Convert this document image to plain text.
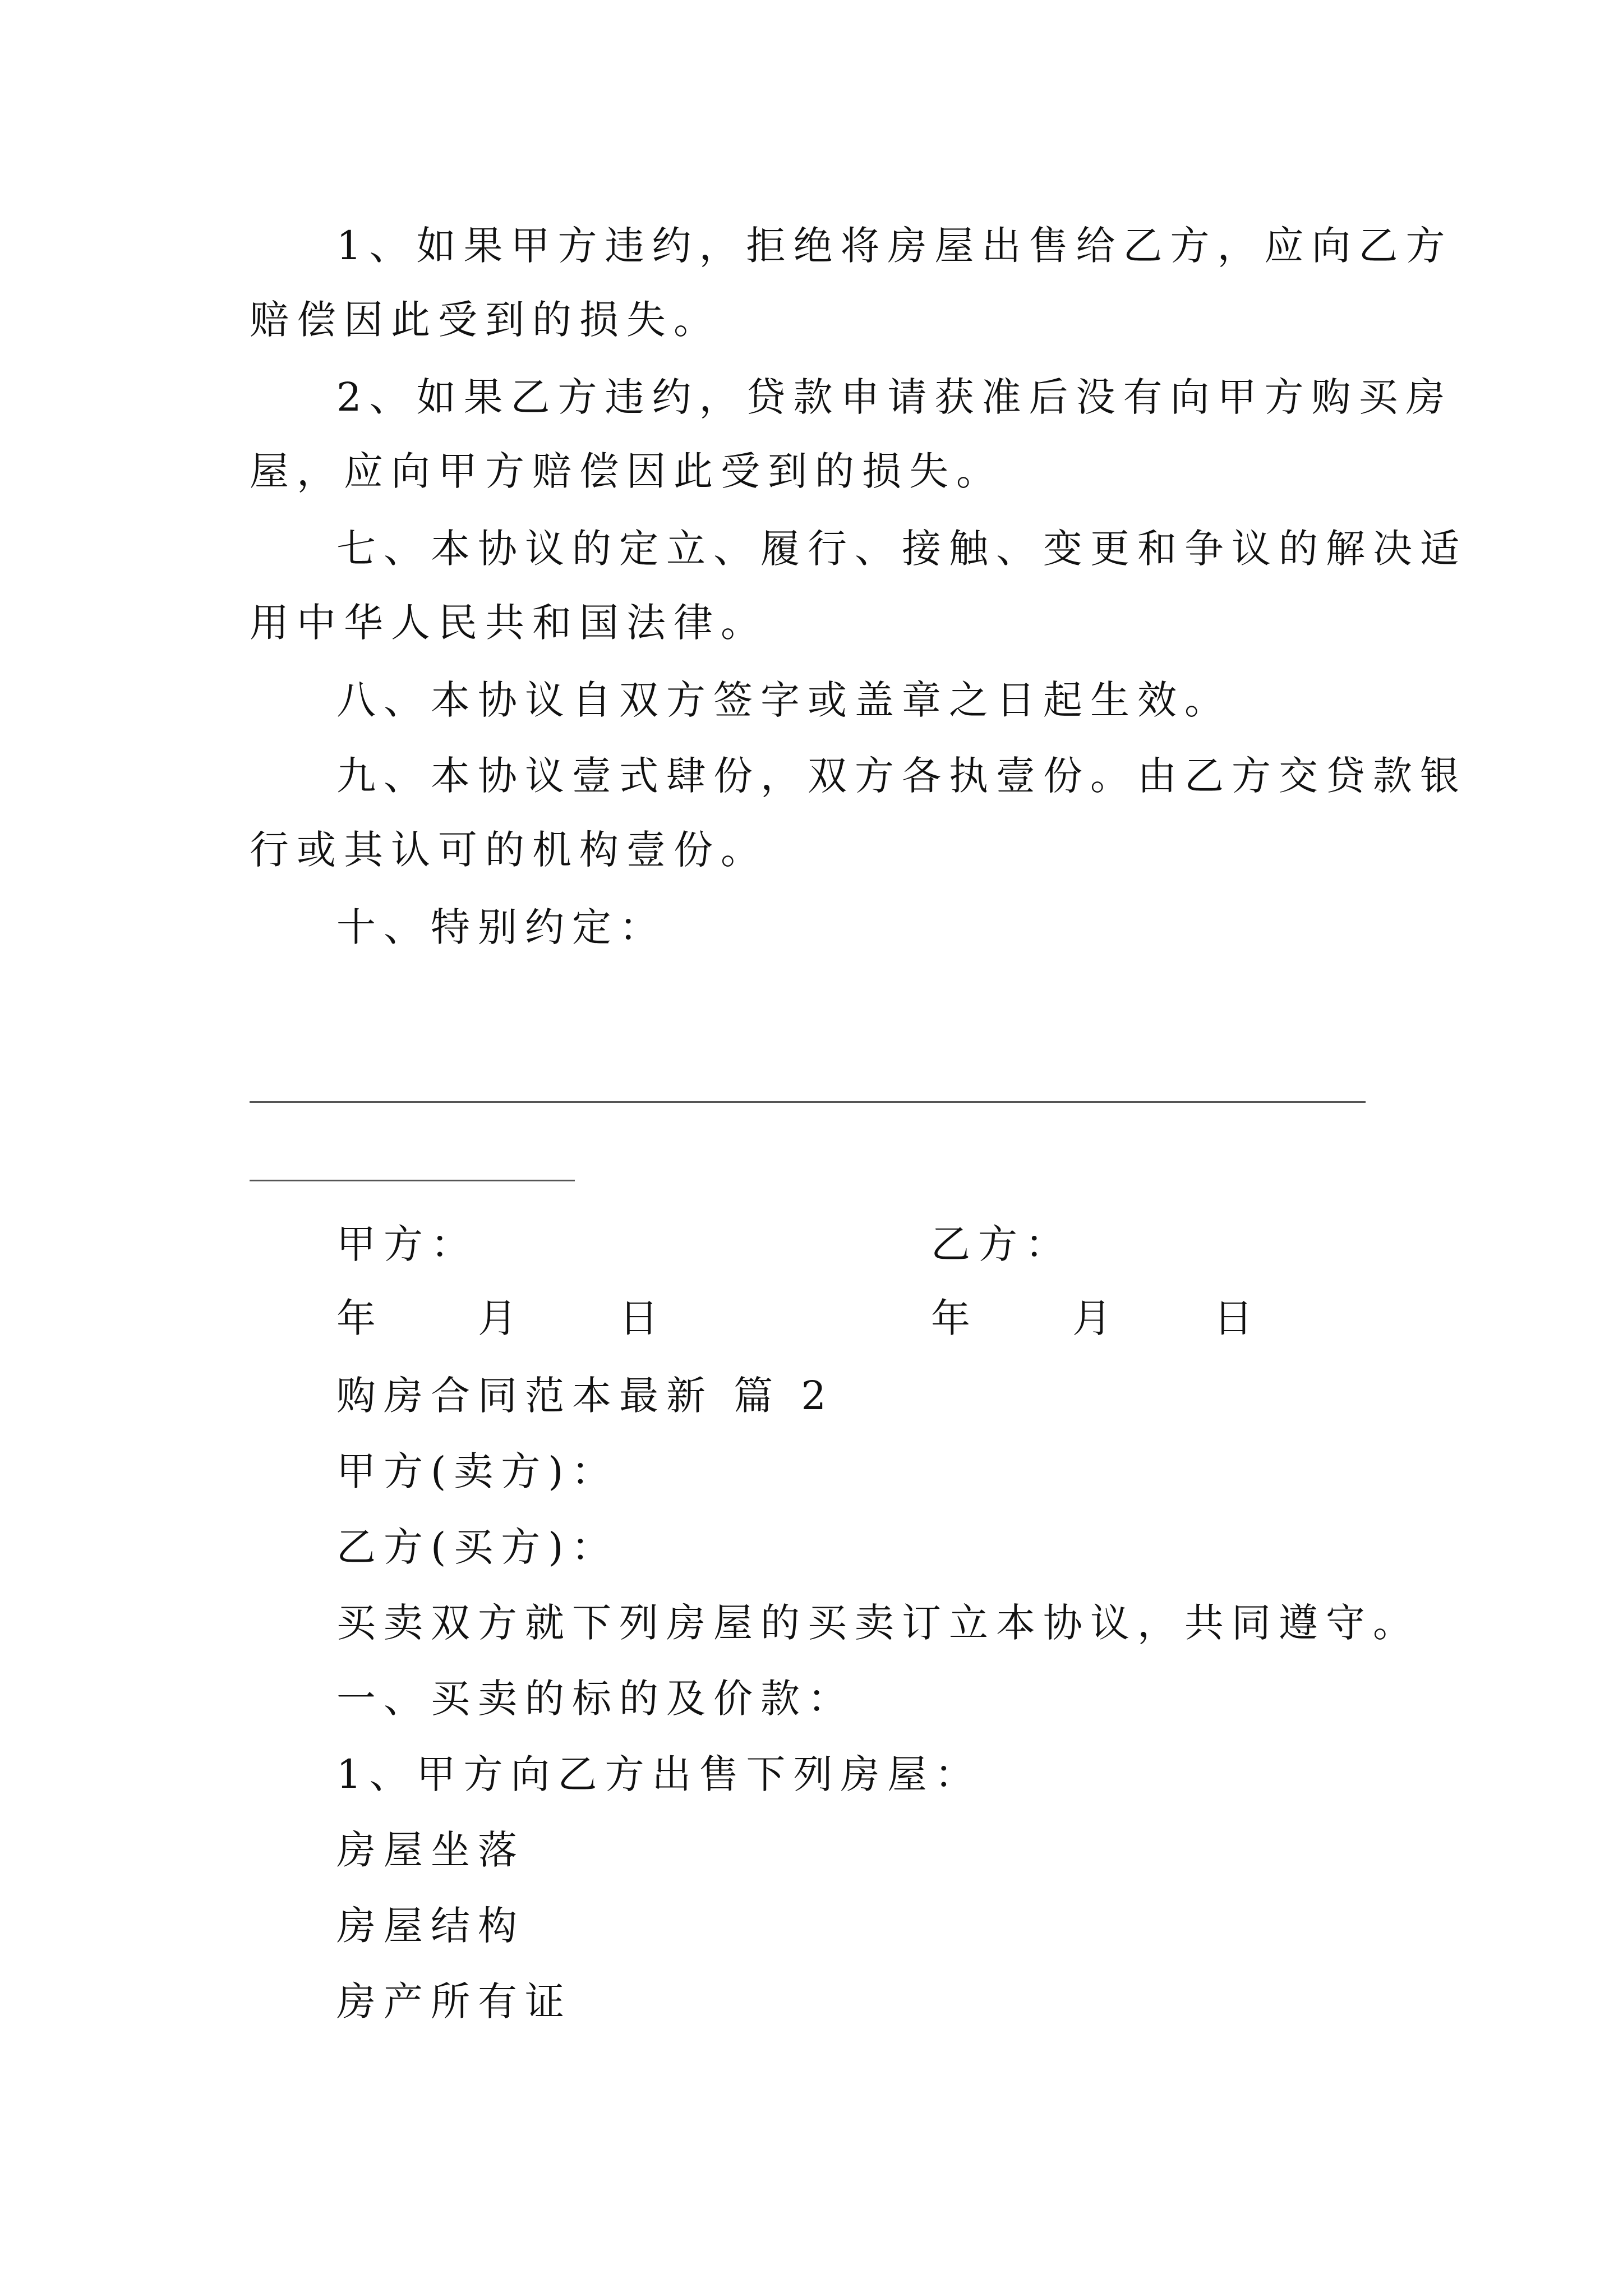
1、如果甲方违约，拒绝将房屋出售给乙方，应向乙方
赔偿因此受到的损失。
2、如果乙方违约，贷款申请获准后没有向甲方购买房
屋，应向甲方赔偿因此受到的损失。
七、本协议的定立、履行、接触、变更和争议的解决适
用中华人民共和国法律。
八、本协议自双方签字或盖章之日起生效。
九、本协议壹式肆份，双方各执壹份。由乙方交贷款银
行或其认可的机构壹份。
十、特别约定：
甲方：	乙方：
年　　月　　日	年　　月　　日
购房合同范本最新 篇 2
甲方(卖方)：
乙方(买方)：
买卖双方就下列房屋的买卖订立本协议，共同遵守。
一、买卖的标的及价款：
1、甲方向乙方出售下列房屋：
房屋坐落
房屋结构
房产所有证
